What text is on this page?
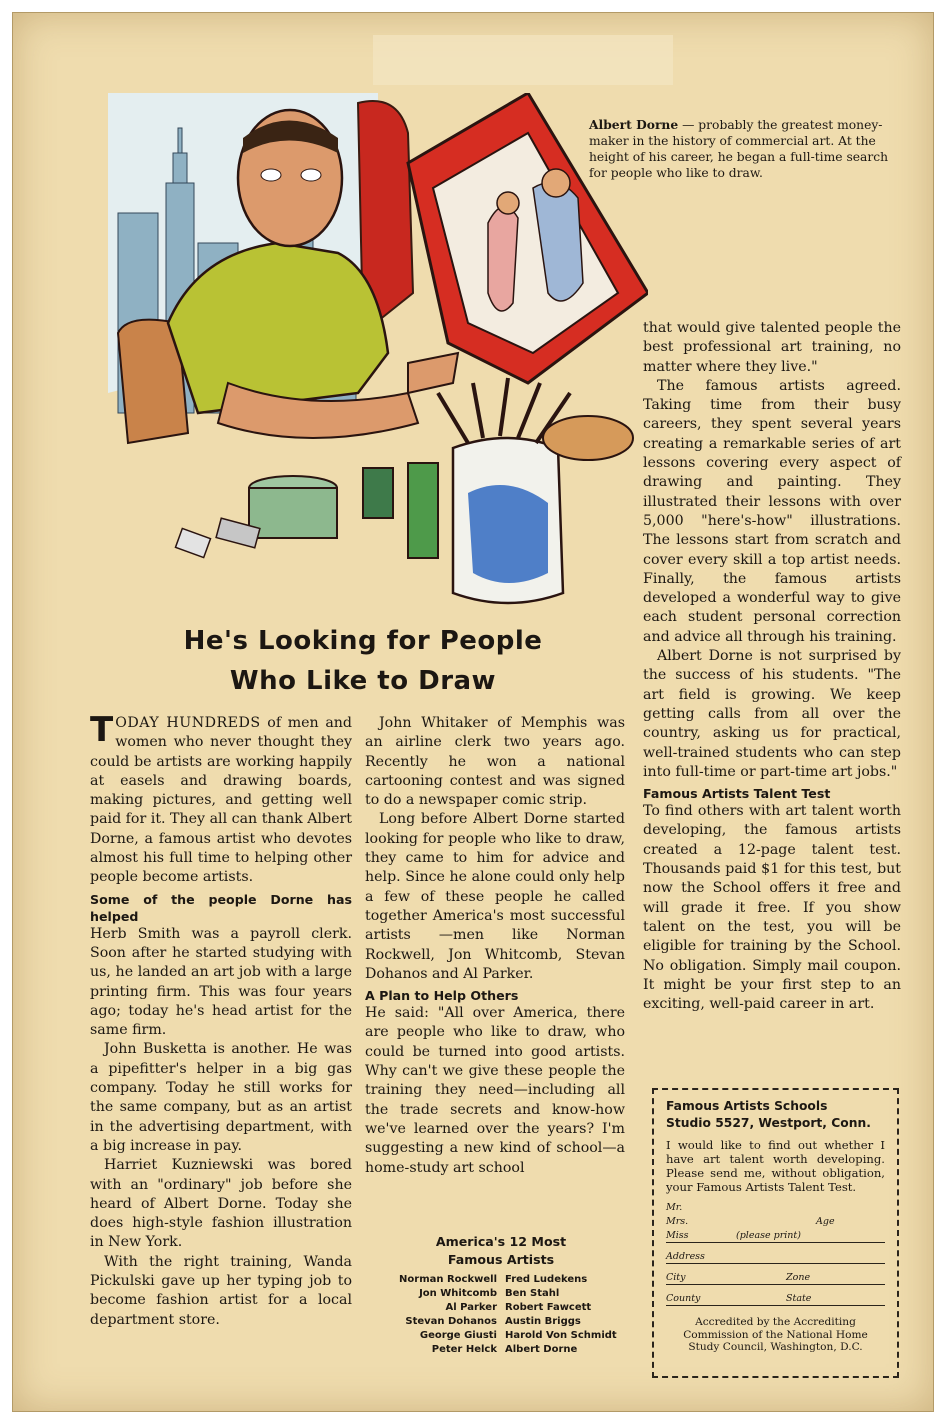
Albert Dorne — probably the greatest money-maker in the history of commercial art. At the height of his career, he began a full-time search for people who like to draw.
He's Looking for People
Who Like to Draw

TODAY HUNDREDS of men and women who never thought they could be artists are working happily at easels and drawing boards, making pictures, and getting well paid for it. They all can thank Albert Dorne, a famous artist who devotes almost his full time to helping other people become artists.

Some of the people Dorne has helped

Herb Smith was a payroll clerk. Soon after he started studying with us, he landed an art job with a large printing firm. This was four years ago; today he's head artist for the same firm.

John Busketta is another. He was a pipefitter's helper in a big gas company. Today he still works for the same company, but as an artist in the advertising department, with a big increase in pay.

Harriet Kuzniewski was bored with an "ordinary" job before she heard of Albert Dorne. Today she does high-style fashion illustration in New York.

With the right training, Wanda Pickulski gave up her typing job to become fashion artist for a local department store.

John Whitaker of Memphis was an airline clerk two years ago. Recently he won a national cartooning contest and was signed to do a newspaper comic strip.

Long before Albert Dorne started looking for people who like to draw, they came to him for advice and help. Since he alone could only help a few of these people he called together America's most successful artists —men like Norman Rockwell, Jon Whitcomb, Stevan Dohanos and Al Parker.

A Plan to Help Others

He said: "All over America, there are people who like to draw, who could be turned into good artists. Why can't we give these people the training they need—including all the trade secrets and know-how we've learned over the years? I'm suggesting a new kind of school—a home-study art school

America's 12 Most
Famous Artists
Norman Rockwell Fred Ludekens
Jon Whitcomb Ben Stahl
Al Parker Robert Fawcett
Stevan Dohanos Austin Briggs
George Giusti Harold Von Schmidt
Peter Helck Albert Dorne

that would give talented people the best professional art training, no matter where they live."

The famous artists agreed. Taking time from their busy careers, they spent several years creating a remarkable series of art lessons covering every aspect of drawing and painting. They illustrated their lessons with over 5,000 "here's-how" illustrations. The lessons start from scratch and cover every skill a top artist needs. Finally, the famous artists developed a wonderful way to give each student personal correction and advice all through his training.

Albert Dorne is not surprised by the success of his students. "The art field is growing. We keep getting calls from all over the country, asking us for practical, well-trained students who can step into full-time or part-time art jobs."

Famous Artists Talent Test

To find others with art talent worth developing, the famous artists created a 12-page talent test. Thousands paid $1 for this test, but now the School offers it free and will grade it free. If you show talent on the test, you will be eligible for training by the School. No obligation. Simply mail coupon. It might be your first step to an exciting, well-paid career in art.

Famous Artists Schools
Studio 5527, Westport, Conn.
I would like to find out whether I have art talent worth developing. Please send me, without obligation, your Famous Artists Talent Test.
Mr.
Mrs.	Age
Miss	(please print)
Address
City	Zone
County	State
Accredited by the Accrediting Commission of the National Home Study Council, Washington, D.C.
